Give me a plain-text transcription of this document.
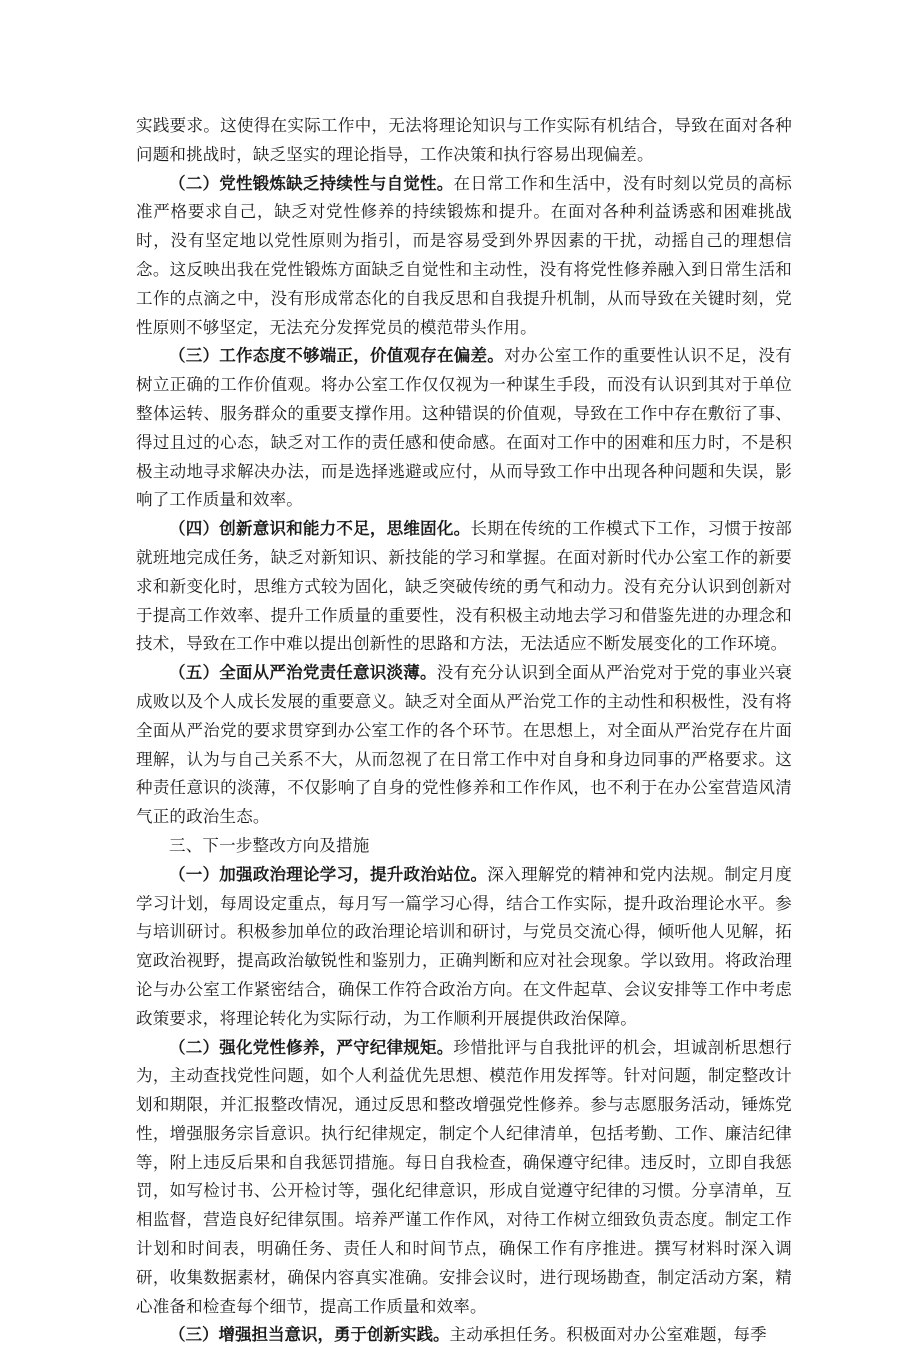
实践要求。这使得在实际工作中，无法将理论知识与工作实际有机结合，导致在面对各种问题和挑战时，缺乏坚实的理论指导，工作决策和执行容易出现偏差。

（二）党性锻炼缺乏持续性与自觉性。在日常工作和生活中，没有时刻以党员的高标准严格要求自己，缺乏对党性修养的持续锻炼和提升。在面对各种利益诱惑和困难挑战时，没有坚定地以党性原则为指引，而是容易受到外界因素的干扰，动摇自己的理想信念。这反映出我在党性锻炼方面缺乏自觉性和主动性，没有将党性修养融入到日常生活和工作的点滴之中，没有形成常态化的自我反思和自我提升机制，从而导致在关键时刻，党性原则不够坚定，无法充分发挥党员的模范带头作用。

（三）工作态度不够端正，价值观存在偏差。对办公室工作的重要性认识不足，没有树立正确的工作价值观。将办公室工作仅仅视为一种谋生手段，而没有认识到其对于单位整体运转、服务群众的重要支撑作用。这种错误的价值观，导致在工作中存在敷衍了事、得过且过的心态，缺乏对工作的责任感和使命感。在面对工作中的困难和压力时，不是积极主动地寻求解决办法，而是选择逃避或应付，从而导致工作中出现各种问题和失误，影响了工作质量和效率。

（四）创新意识和能力不足，思维固化。长期在传统的工作模式下工作，习惯于按部就班地完成任务，缺乏对新知识、新技能的学习和掌握。在面对新时代办公室工作的新要求和新变化时，思维方式较为固化，缺乏突破传统的勇气和动力。没有充分认识到创新对于提高工作效率、提升工作质量的重要性，没有积极主动地去学习和借鉴先进的办理念和技术，导致在工作中难以提出创新性的思路和方法，无法适应不断发展变化的工作环境。

（五）全面从严治党责任意识淡薄。没有充分认识到全面从严治党对于党的事业兴衰成败以及个人成长发展的重要意义。缺乏对全面从严治党工作的主动性和积极性，没有将全面从严治党的要求贯穿到办公室工作的各个环节。在思想上，对全面从严治党存在片面理解，认为与自己关系不大，从而忽视了在日常工作中对自身和身边同事的严格要求。这种责任意识的淡薄，不仅影响了自身的党性修养和工作作风，也不利于在办公室营造风清气正的政治生态。

三、下一步整改方向及措施

（一）加强政治理论学习，提升政治站位。深入理解党的精神和党内法规。制定月度学习计划，每周设定重点，每月写一篇学习心得，结合工作实际，提升政治理论水平。参与培训研讨。积极参加单位的政治理论培训和研讨，与党员交流心得，倾听他人见解，拓宽政治视野，提高政治敏锐性和鉴别力，正确判断和应对社会现象。学以致用。将政治理论与办公室工作紧密结合，确保工作符合政治方向。在文件起草、会议安排等工作中考虑政策要求，将理论转化为实际行动，为工作顺利开展提供政治保障。

（二）强化党性修养，严守纪律规矩。珍惜批评与自我批评的机会，坦诚剖析思想行为，主动查找党性问题，如个人利益优先思想、模范作用发挥等。针对问题，制定整改计划和期限，并汇报整改情况，通过反思和整改增强党性修养。参与志愿服务活动，锤炼党性，增强服务宗旨意识。执行纪律规定，制定个人纪律清单，包括考勤、工作、廉洁纪律等，附上违反后果和自我惩罚措施。每日自我检查，确保遵守纪律。违反时，立即自我惩罚，如写检讨书、公开检讨等，强化纪律意识，形成自觉遵守纪律的习惯。分享清单，互相监督，营造良好纪律氛围。培养严谨工作作风，对待工作树立细致负责态度。制定工作计划和时间表，明确任务、责任人和时间节点，确保工作有序推进。撰写材料时深入调研，收集数据素材，确保内容真实准确。安排会议时，进行现场勘查，制定活动方案，精心准备和检查每个细节，提高工作质量和效率。

（三）增强担当意识，勇于创新实践。主动承担任务。积极面对办公室难题，每季
